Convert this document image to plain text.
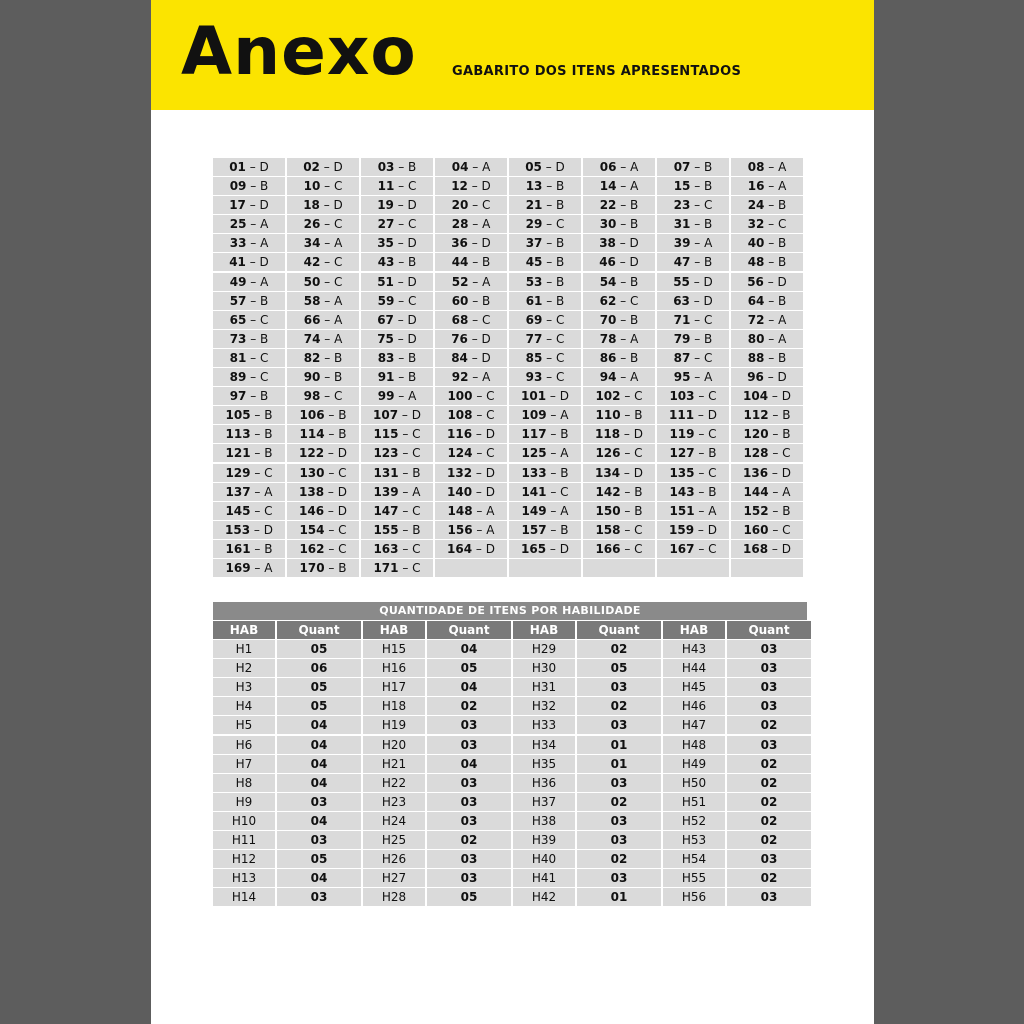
Anexo	GABARITO DOS ITENS APRESENTADOS
01 – D	02 – D	03 – B	04 – A	05 – D	06 – A	07 – B	08 – A
09 – B	10 – C	11 – C	12 – D	13 – B	14 – A	15 – B	16 – A
17 – D	18 – D	19 – D	20 – C	21 – B	22 – B	23 – C	24 – B
25 – A	26 – C	27 – C	28 – A	29 – C	30 – B	31 – B	32 – C
33 – A	34 – A	35 – D	36 – D	37 – B	38 – D	39 – A	40 – B
41 – D	42 – C	43 – B	44 – B	45 – B	46 – D	47 – B	48 – B
49 – A	50 – C	51 – D	52 – A	53 – B	54 – B	55 – D	56 – D
57 – B	58 – A	59 – C	60 – B	61 – B	62 – C	63 – D	64 – B
65 – C	66 – A	67 – D	68 – C	69 – C	70 – B	71 – C	72 – A
73 – B	74 – A	75 – D	76 – D	77 – C	78 – A	79 – B	80 – A
81 – C	82 – B	83 – B	84 – D	85 – C	86 – B	87 – C	88 – B
89 – C	90 – B	91 – B	92 – A	93 – C	94 – A	95 – A	96 – D
97 – B	98 – C	99 – A	100 – C	101 – D	102 – C	103 – C	104 – D
105 – B	106 – B	107 – D	108 – C	109 – A	110 – B	111 – D	112 – B
113 – B	114 – B	115 – C	116 – D	117 – B	118 – D	119 – C	120 – B
121 – B	122 – D	123 – C	124 – C	125 – A	126 – C	127 – B	128 – C
129 – C	130 – C	131 – B	132 – D	133 – B	134 – D	135 – C	136 – D
137 – A	138 – D	139 – A	140 – D	141 – C	142 – B	143 – B	144 – A
145 – C	146 – D	147 – C	148 – A	149 – A	150 – B	151 – A	152 – B
153 – D	154 – C	155 – B	156 – A	157 – B	158 – C	159 – D	160 – C
161 – B	162 – C	163 – C	164 – D	165 – D	166 – C	167 – C	168 – D
169 – A	170 – B	171 – C
QUANTIDADE DE ITENS POR HABILIDADE
HAB	Quant	HAB	Quant	HAB	Quant	HAB	Quant
H1	05	H15	04	H29	02	H43	03
H2	06	H16	05	H30	05	H44	03
H3	05	H17	04	H31	03	H45	03
H4	05	H18	02	H32	02	H46	03
H5	04	H19	03	H33	03	H47	02
H6	04	H20	03	H34	01	H48	03
H7	04	H21	04	H35	01	H49	02
H8	04	H22	03	H36	03	H50	02
H9	03	H23	03	H37	02	H51	02
H10	04	H24	03	H38	03	H52	02
H11	03	H25	02	H39	03	H53	02
H12	05	H26	03	H40	02	H54	03
H13	04	H27	03	H41	03	H55	02
H14	03	H28	05	H42	01	H56	03
